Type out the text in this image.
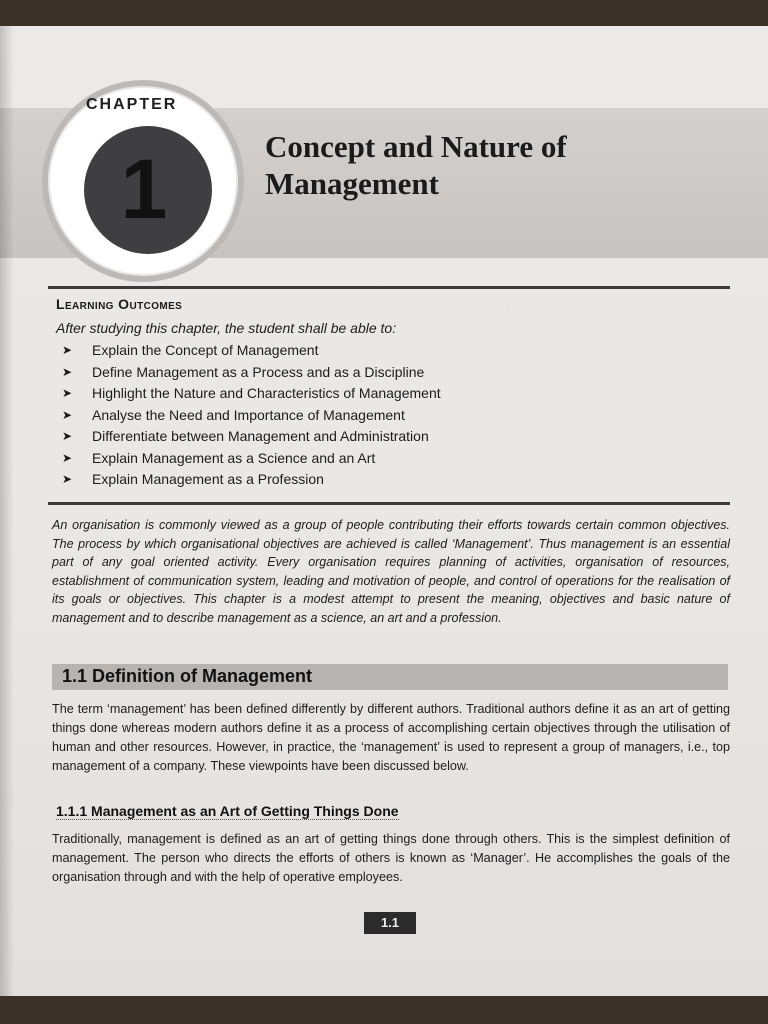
CHAPTER
1	Concept and Nature of
Management
Learning Outcomes
After studying this chapter, the student shall be able to:
➤	Explain the Concept of Management
➤	Define Management as a Process and as a Discipline
➤	Highlight the Nature and Characteristics of Management
➤	Analyse the Need and Importance of Management
➤	Differentiate between Management and Administration
➤	Explain Management as a Science and an Art
➤	Explain Management as a Profession
An organisation is commonly viewed as a group of people contributing their efforts towards certain common objectives. The process by which organisational objectives are achieved is called ‘Management’. Thus management is an essential part of any goal oriented activity. Every organisation requires planning of activities, organisation of resources, establishment of communication system, leading and motivation of people, and control of operations for the realisation of its goals or objectives. This chapter is a modest attempt to present the meaning, objectives and basic nature of management and to describe management as a science, an art and a profession.
1.1 Definition of Management
The term ‘management’ has been defined differently by different authors. Traditional authors define it as an art of getting things done whereas modern authors define it as a process of accomplishing certain objectives through the utilisation of human and other resources. However, in practice, the ‘management’ is used to represent a group of managers, i.e., top management of a company. These viewpoints have been discussed below.
1.1.1 Management as an Art of Getting Things Done
Traditionally, management is defined as an art of getting things done through others. This is the simplest definition of management. The person who directs the efforts of others is known as ‘Manager’. He accomplishes the goals of the organisation through and with the help of operative employees.
1.1
